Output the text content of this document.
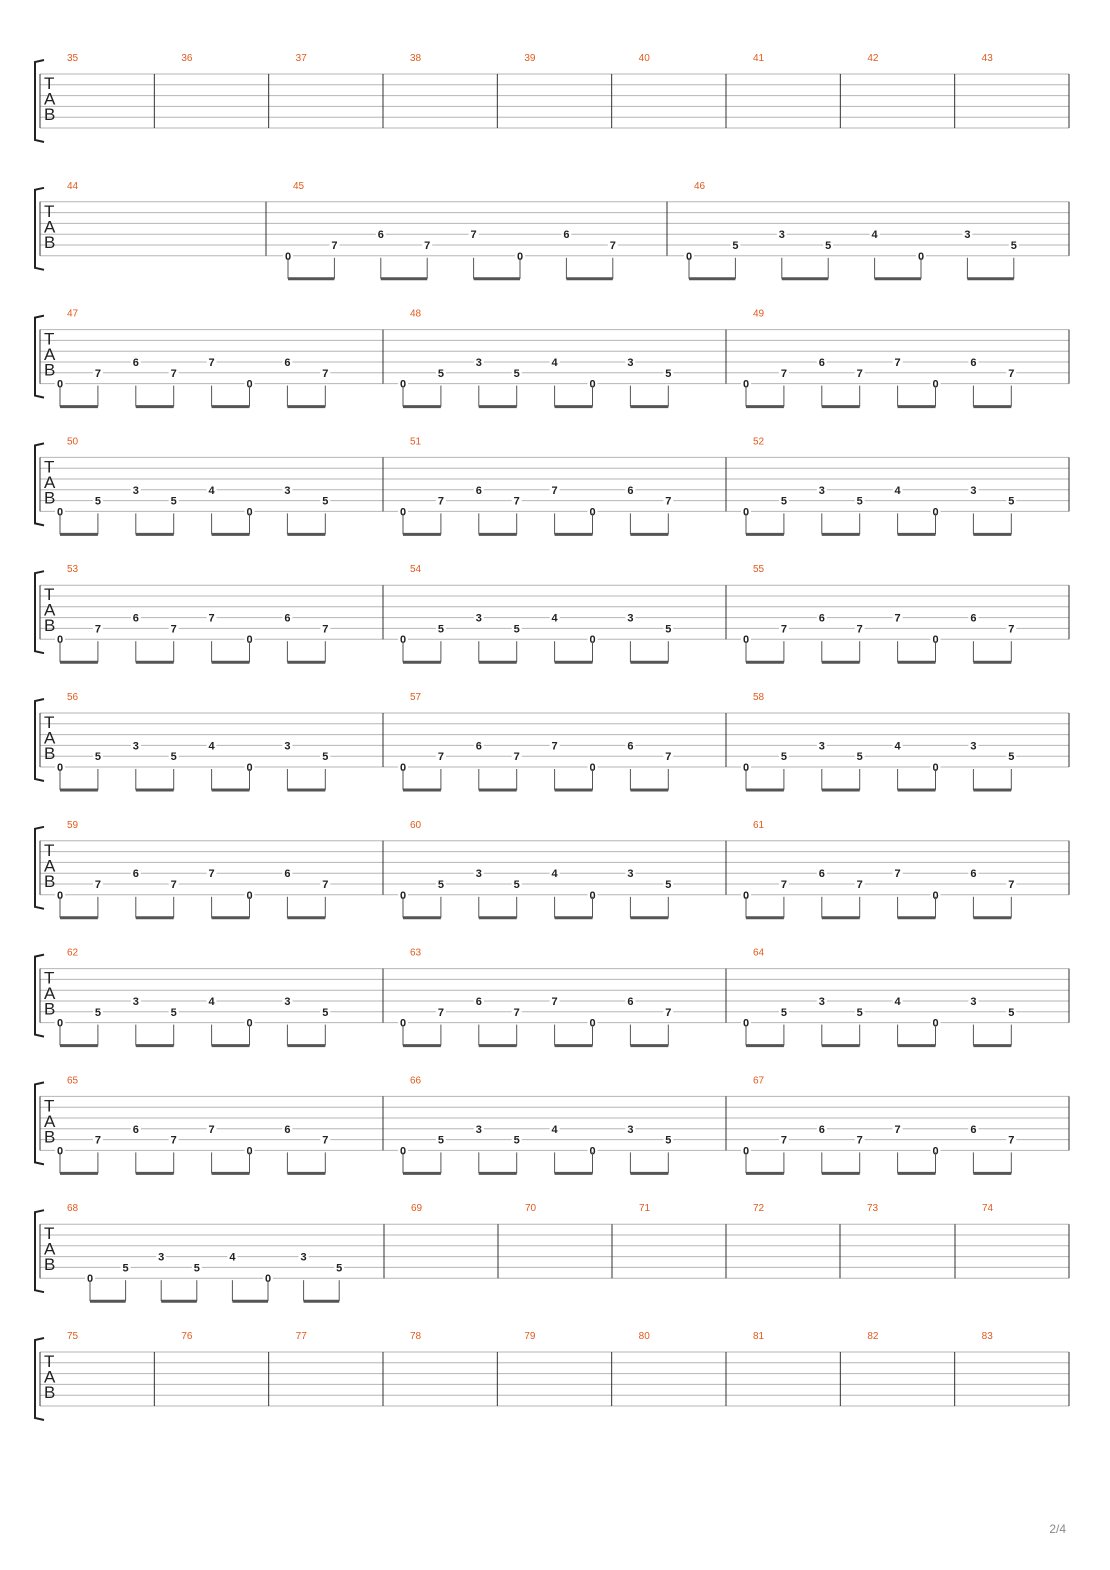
T
A
B
35	36	37	38	39	40	41	42	43
T
A
B
44	45
0
7
6
7
7
0
6
7
46
0
5
3
5
4
0
3
5
T
A
B
47
0
7
6
7
7
0
6
7
48
0
5
3
5
4
0
3
5
49
0
7
6
7
7
0
6
7
T
A
B
50
0
5
3
5
4
0
3
5
51
0
7
6
7
7
0
6
7
52
0
5
3
5
4
0
3
5
T
A
B
53
0
7
6
7
7
0
6
7
54
0
5
3
5
4
0
3
5
55
0
7
6
7
7
0
6
7
T
A
B
56
0
5
3
5
4
0
3
5
57
0
7
6
7
7
0
6
7
58
0
5
3
5
4
0
3
5
T
A
B
59
0
7
6
7
7
0
6
7
60
0
5
3
5
4
0
3
5
61
0
7
6
7
7
0
6
7
T
A
B
62
0
5
3
5
4
0
3
5
63
0
7
6
7
7
0
6
7
64
0
5
3
5
4
0
3
5
T
A
B
65
0
7
6
7
7
0
6
7
66
0
5
3
5
4
0
3
5
67
0
7
6
7
7
0
6
7
T
A
B
68
0
5
3
5
4
0
3
5
69	70	71	72	73	74
T
A
B
75	76	77	78	79	80	81	82	83
2/4
